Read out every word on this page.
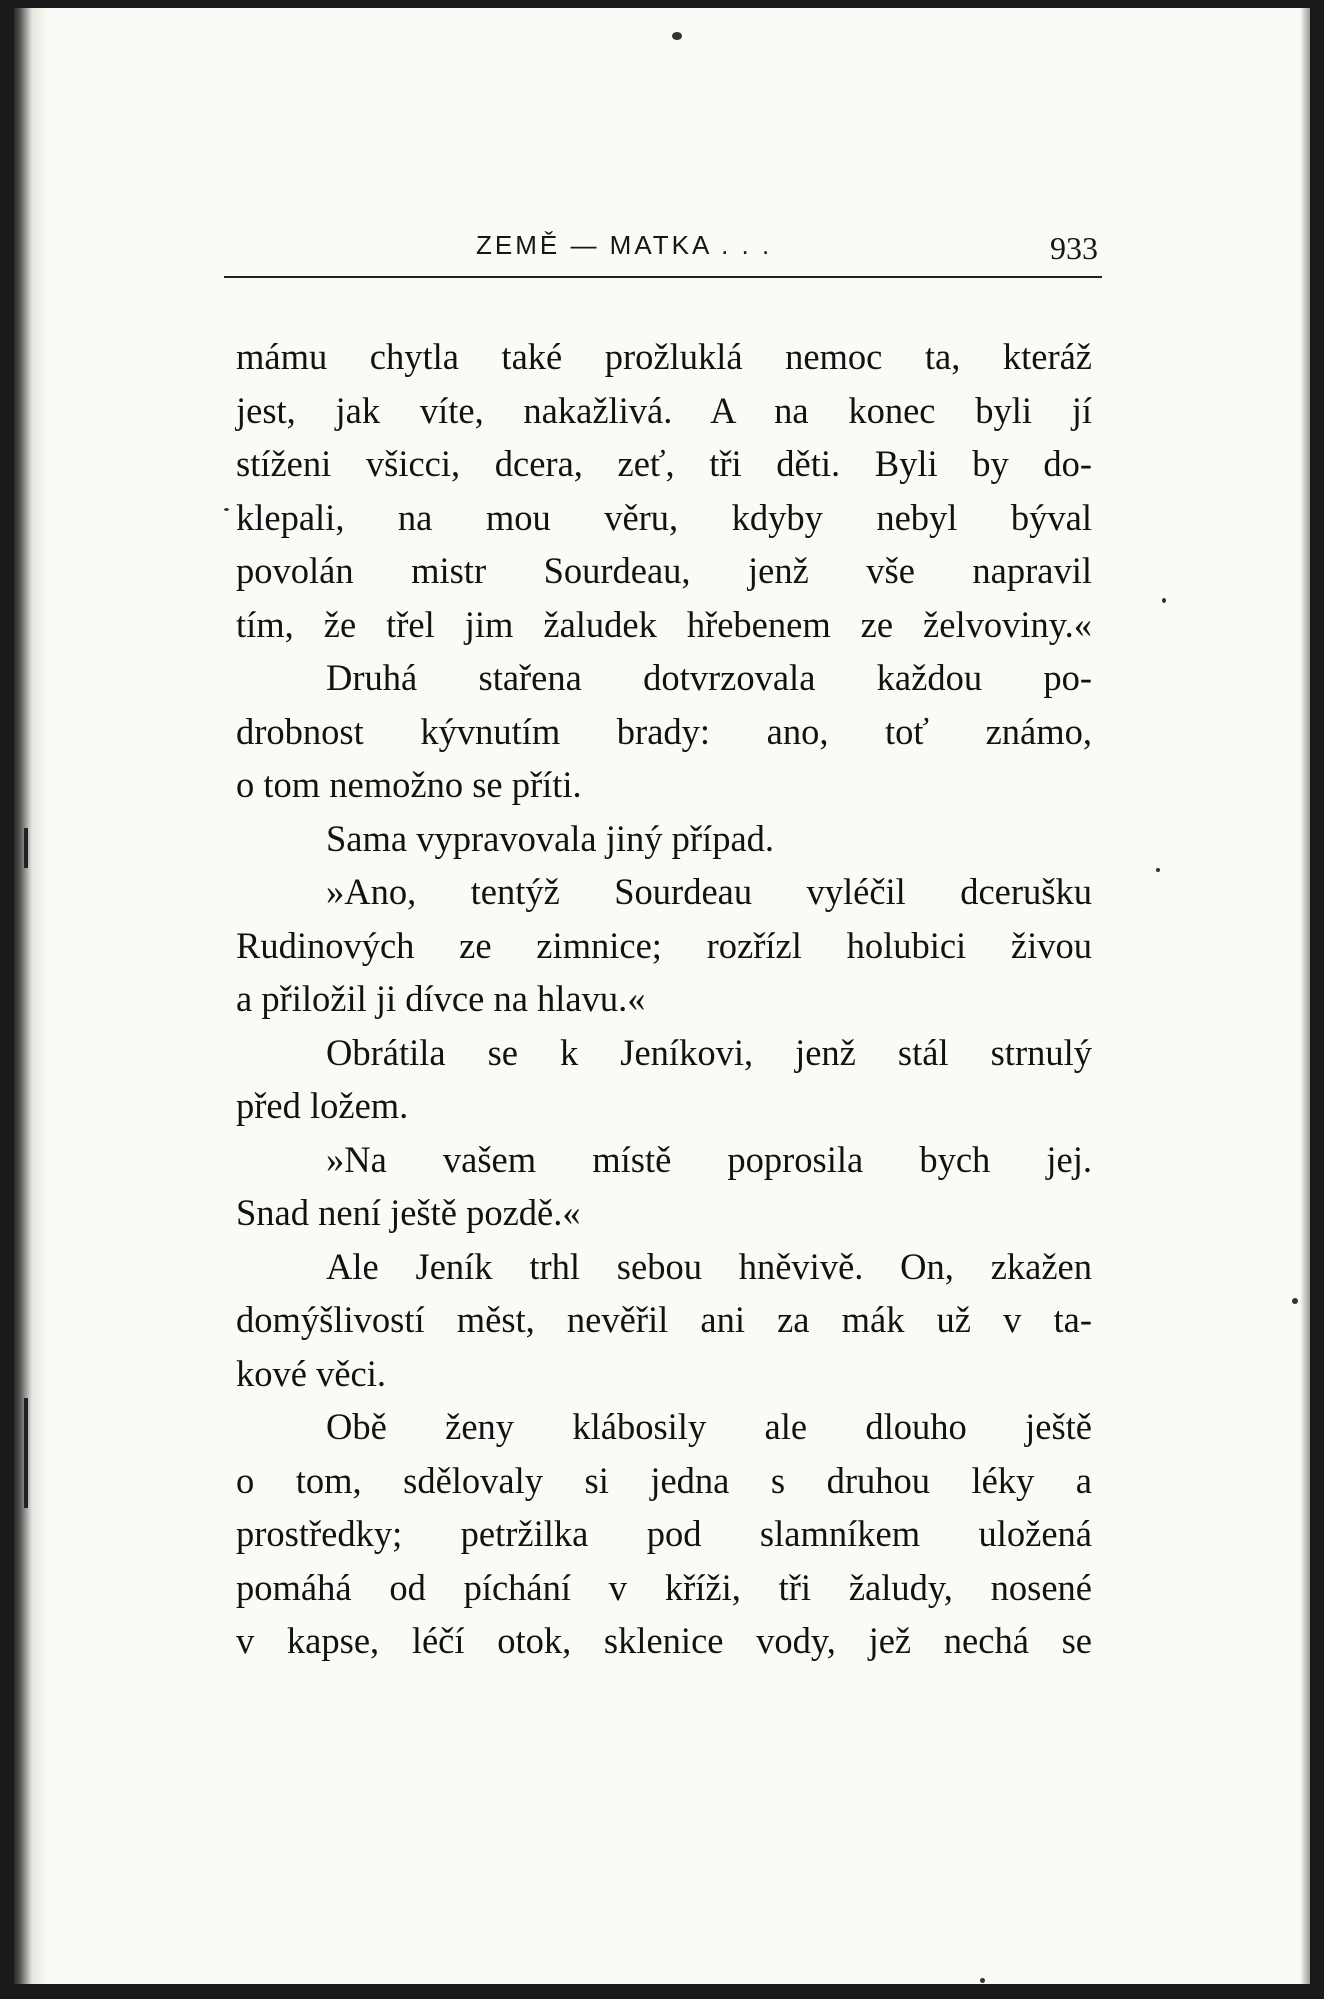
ZEMĚ — MATKA . . .	933
mámu chytla také prožluklá nemoc ta, kteráž
jest, jak víte, nakažlivá. A na konec byli jí
stíženi všicci, dcera, zeť, tři děti. Byli by do-
klepali, na mou věru, kdyby nebyl býval
povolán mistr Sourdeau, jenž vše napravil
tím, že třel jim žaludek hřebenem ze želvoviny.«
Druhá stařena dotvrzovala každou po-
drobnost kývnutím brady: ano, toť známo,
o tom nemožno se příti.
Sama vypravovala jiný případ.
»Ano, tentýž Sourdeau vyléčil dcerušku
Rudinových ze zimnice; rozřízl holubici živou
a přiložil ji dívce na hlavu.«
Obrátila se k Jeníkovi, jenž stál strnulý
před ložem.
»Na vašem místě poprosila bych jej.
Snad není ještě pozdě.«
Ale Jeník trhl sebou hněvivě. On, zkažen
domýšlivostí měst, nevěřil ani za mák už v ta-
kové věci.
Obě ženy klábosily ale dlouho ještě
o tom, sdělovaly si jedna s druhou léky a
prostředky; petržilka pod slamníkem uložená
pomáhá od píchání v kříži, tři žaludy, nosené
v kapse, léčí otok, sklenice vody, jež nechá se
